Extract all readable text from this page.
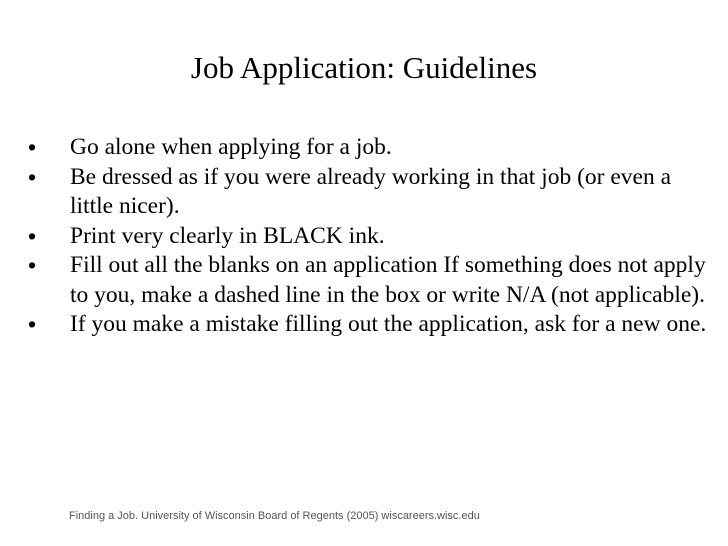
Job Application: Guidelines
• Go alone when applying for a job.
• Be dressed as if you were already working in that job (or even a little nicer).
• Print very clearly in BLACK ink.
• Fill out all the blanks on an application If something does not apply to you, make a dashed line in the box or write N/A (not applicable).
• If you make a mistake filling out the application, ask for a new one.
Finding a Job. University of Wisconsin Board of Regents (2005) wiscareers.wisc.edu
